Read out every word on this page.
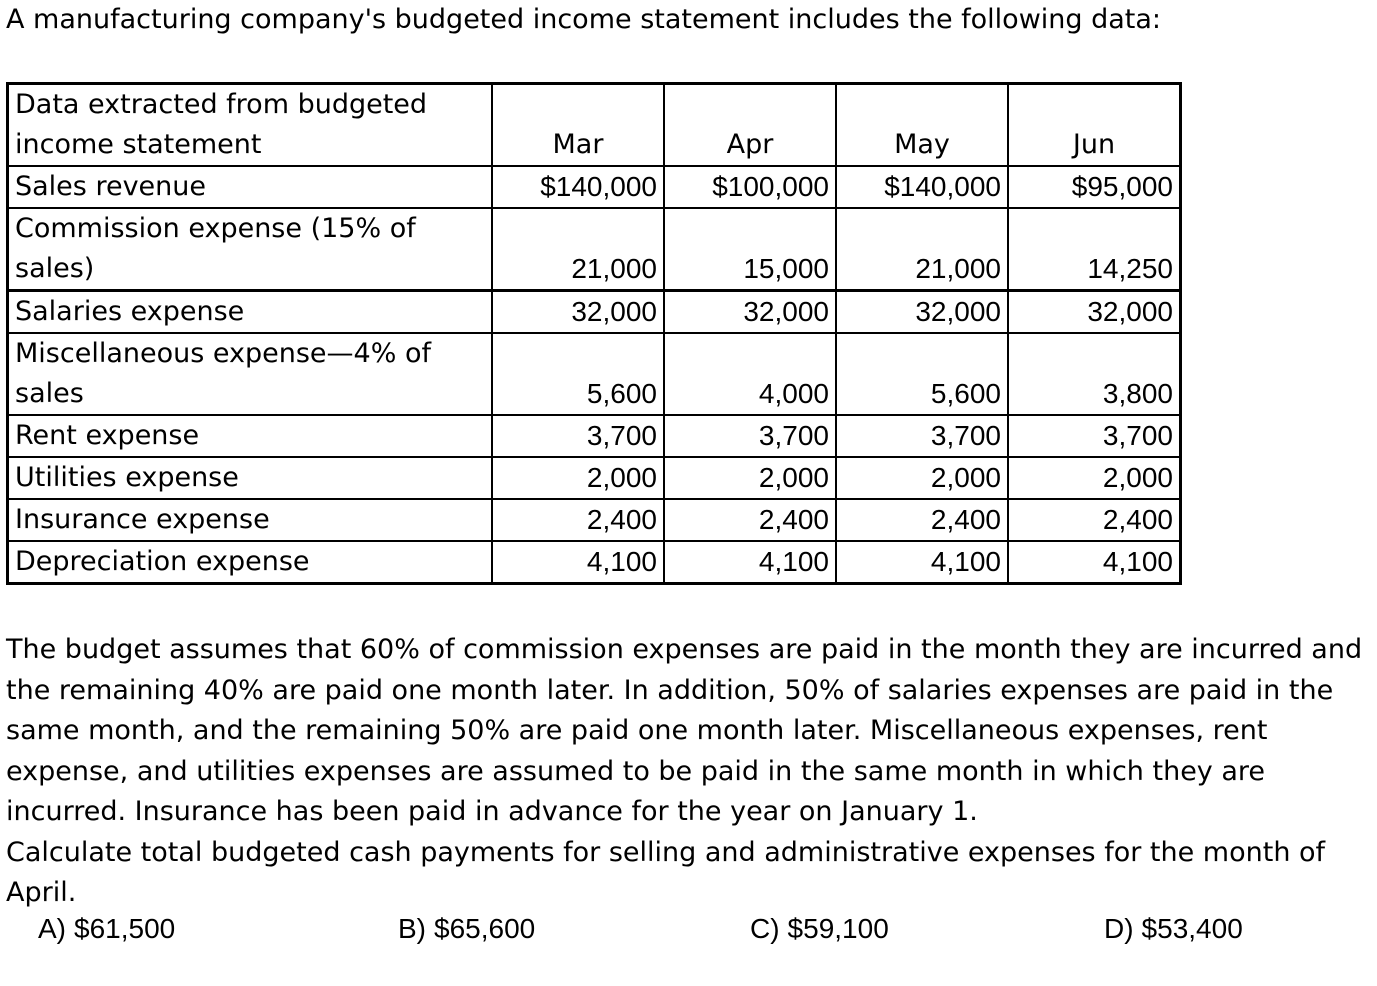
A manufacturing company's budgeted income statement includes the following data:
Data extracted from budgeted
income statement	Mar	Apr	May	Jun

Sales revenue	$140,000	$100,000	$140,000	$95,000

Commission expense (15% of
sales)	21,000	15,000	21,000	14,250

Salaries expense	32,000	32,000	32,000	32,000

Miscellaneous expense—4% of
sales	5,600	4,000	5,600	3,800

Rent expense	3,700	3,700	3,700	3,700

Utilities expense	2,000	2,000	2,000	2,000

Insurance expense	2,400	2,400	2,400	2,400

Depreciation expense	4,100	4,100	4,100	4,100

The budget assumes that 60% of commission expenses are paid in the month they are incurred and the remaining 40% are paid one month later. In addition, 50% of salaries expenses are paid in the same month, and the remaining 50% are paid one month later. Miscellaneous expenses, rent expense, and utilities expenses are assumed to be paid in the same month in which they are incurred. Insurance has been paid in advance for the year on January 1.

Calculate total budgeted cash payments for selling and administrative expenses for the month of April.

A) $61,500	B) $65,600	C) $59,100	D) $53,400
